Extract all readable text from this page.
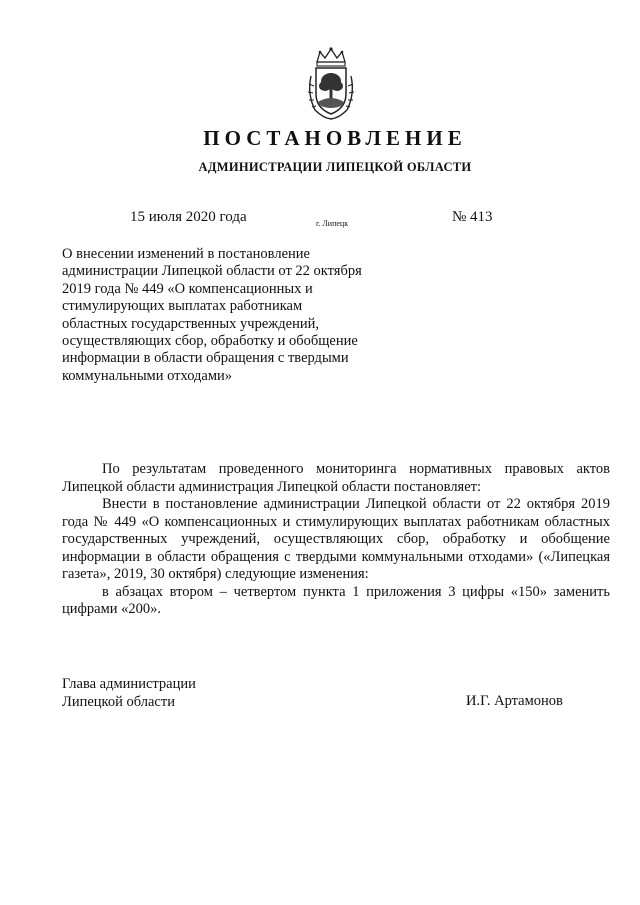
ПОСТАНОВЛЕНИЕ
АДМИНИСТРАЦИИ ЛИПЕЦКОЙ ОБЛАСТИ
15 июля 2020 года	г. Липецк	№ 413
О внесении изменений в постановление
администрации Липецкой области от 22 октября
2019 года № 449 «О компенсационных и
стимулирующих выплатах работникам
областных государственных учреждений,
осуществляющих сбор, обработку и обобщение
информации в области обращения с твердыми
коммунальными отходами»

По результатам проведенного мониторинга нормативных правовых актов Липецкой области администрация Липецкой области постановляет:

Внести в постановление администрации Липецкой области от 22 октября 2019 года № 449 «О компенсационных и стимулирующих выплатах работникам областных государственных учреждений, осуществляющих сбор, обработку и обобщение информации в области обращения с твердыми коммунальными отходами» («Липецкая газета», 2019, 30 октября) следующие изменения:

в абзацах втором – четвертом пункта 1 приложения 3 цифры «150» заменить цифрами «200».

Глава администрации
Липецкой области	И.Г. Артамонов
